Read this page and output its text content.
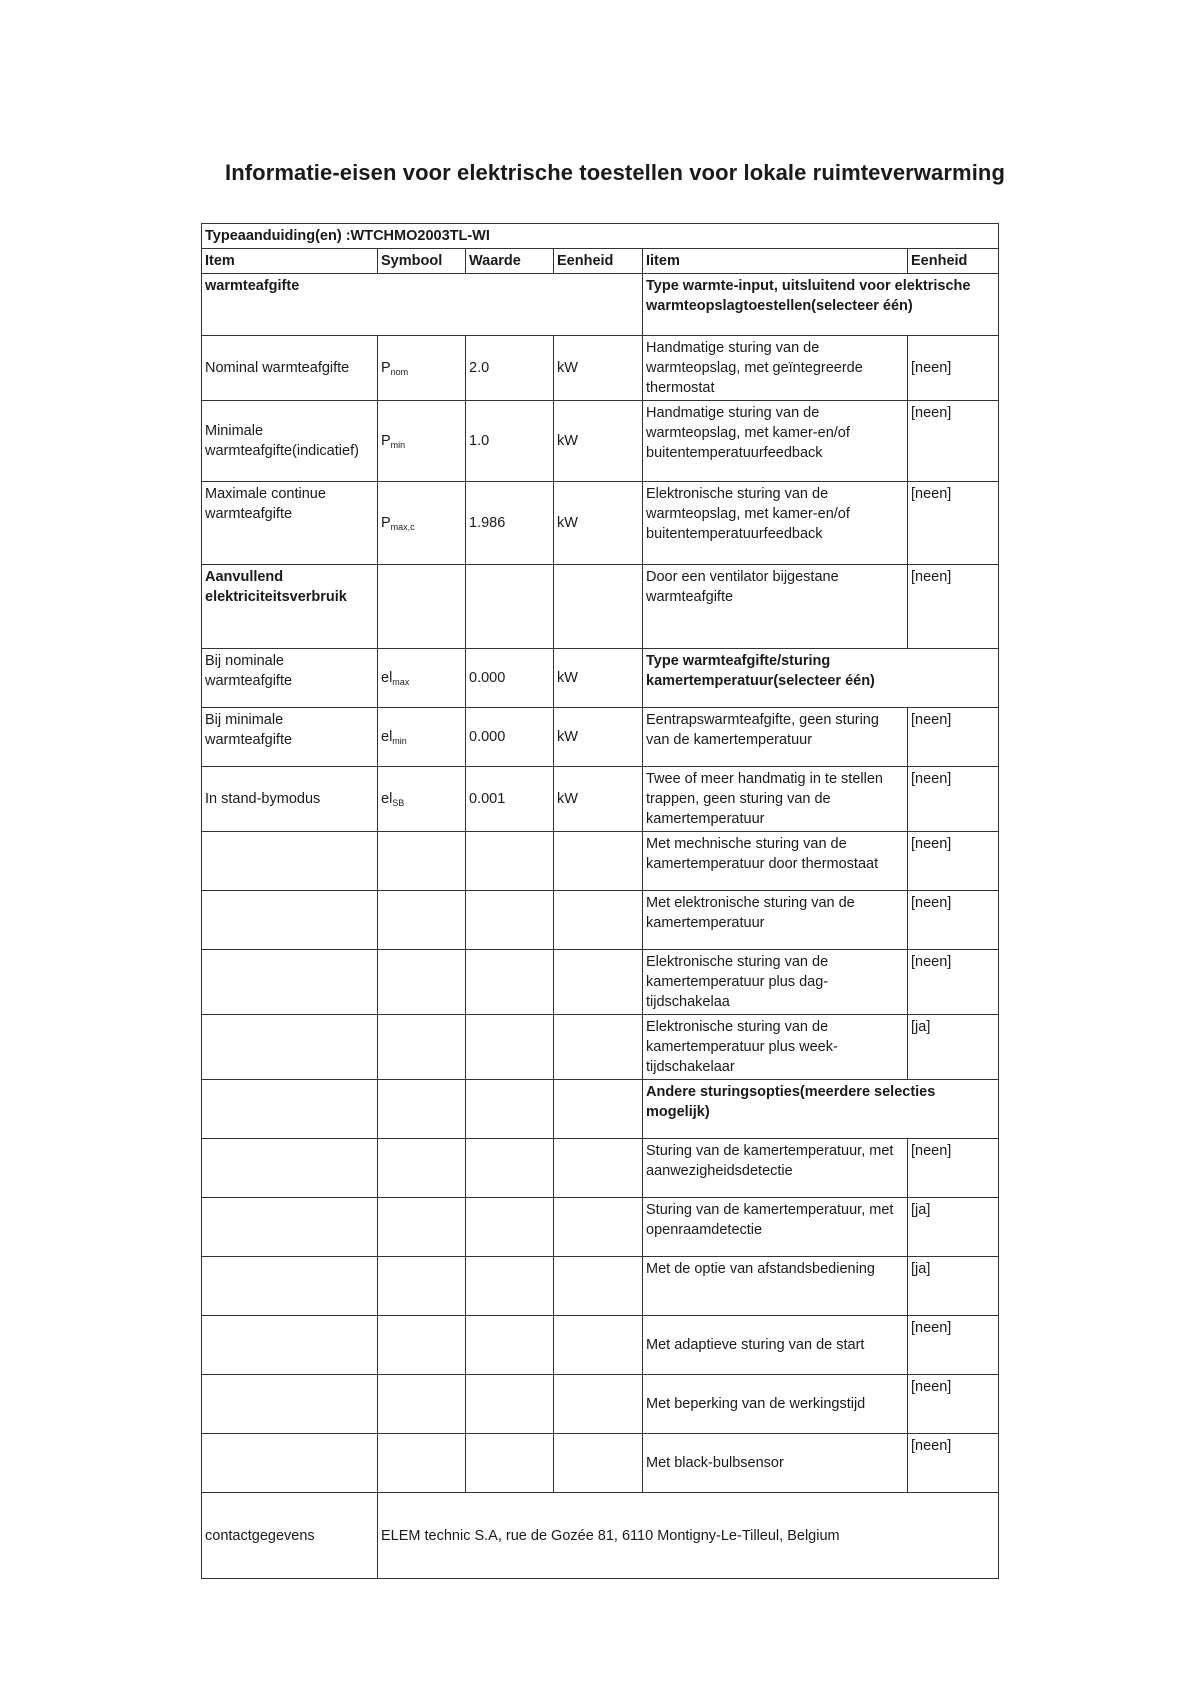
Informatie-eisen voor elektrische toestellen voor lokale ruimteverwarming
Typeaanduiding(en) :WTCHMO2003TL-WI					
Item	Symbool	Waarde	Eenheid	Iitem	Eenheid
warmteafgifte				Type warmte-input, uitsluitend voor elektrische warmteopslagtoestellen(selecteer één)	
Nominal warmteafgifte	$P_{nom}$	2.0	kW	Handmatige sturing van de warmteopslag, met geïntegreerde thermostat	[neen]
Minimale warmteafgifte(indicatief)	$P_{min}$	1.0	kW	Handmatige sturing van de warmteopslag, met kamer-en/of buitentemperatuurfeedback	[neen]
Maximale continue warmteafgifte	$P_{max,c}$	1.986	kW	Elektronische sturing van de warmteopslag, met kamer-en/of buitentemperatuurfeedback	[neen]
Aanvullend elektriciteitsverbruik				Door een ventilator bijgestane warmteafgifte	[neen]
Bij nominale warmteafgifte	$el_{max}$	0.000	kW	Type warmteafgifte/sturing kamertemperatuur(selecteer één)	
Bij minimale warmteafgifte	$el_{min}$	0.000	kW	Eentrapswarmteafgifte, geen sturing van de kamertemperatuur	[neen]
In stand-bymodus	$el_{SB}$	0.001	kW	Twee of meer handmatig in te stellen trappen, geen sturing van de kamertemperatuur	[neen]
				Met mechnische sturing van de kamertemperatuur door thermostaat	[neen]
				Met elektronische sturing van de kamertemperatuur	[neen]
				Elektronische sturing van de kamertemperatuur plus dag-tijdschakelaa	[neen]
				Elektronische sturing van de kamertemperatuur plus week-tijdschakelaar	[ja]
				Andere sturingsopties(meerdere selecties mogelijk)	
				Sturing van de kamertemperatuur, met aanwezigheidsdetectie	[neen]
				Sturing van de kamertemperatuur, met openraamdetectie	[ja]
				Met de optie van afstandsbediening	[ja]
				Met adaptieve sturing van de start	[neen]
				Met beperking van de werkingstijd	[neen]
				Met black-bulbsensor	[neen]
contactgegevens	ELEM technic S.A, rue de Gozée 81, 6110 Montigny-Le-Tilleul, Belgium				
